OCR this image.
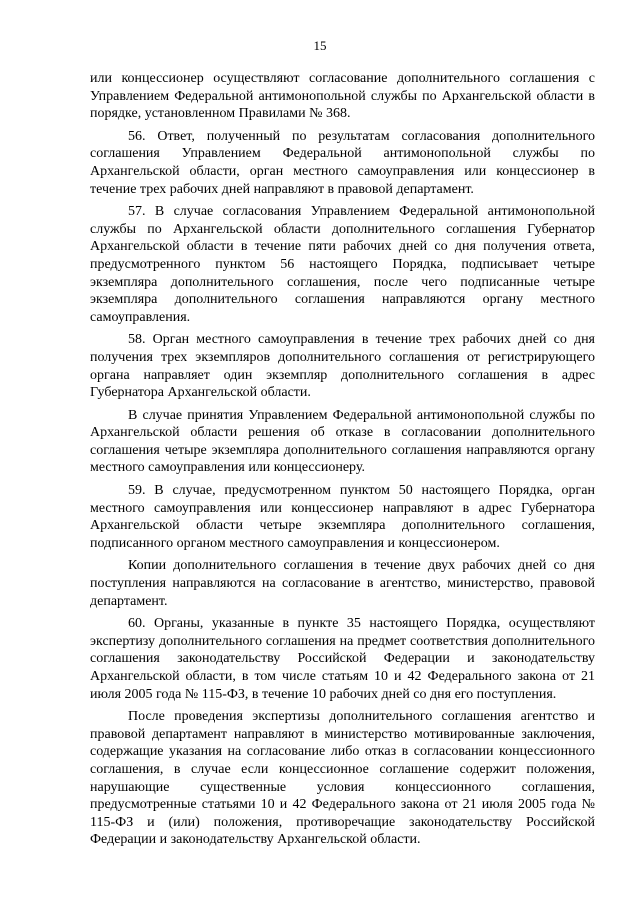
15

или концессионер осуществляют согласование дополнительного соглашения с Управлением Федеральной антимонопольной службы по Архангельской области в порядке, установленном Правилами № 368.

56. Ответ, полученный по результатам согласования дополнительного соглашения Управлением Федеральной антимонопольной службы по Архангельской области, орган местного самоуправления или концессионер в течение трех рабочих дней направляют в правовой департамент.

57. В случае согласования Управлением Федеральной антимонопольной службы по Архангельской области дополнительного соглашения Губернатор Архангельской области в течение пяти рабочих дней со дня получения ответа, предусмотренного пунктом 56 настоящего Порядка, подписывает четыре экземпляра дополнительного соглашения, после чего подписанные четыре экземпляра дополнительного соглашения направляются органу местного самоуправления.

58. Орган местного самоуправления в течение трех рабочих дней со дня получения трех экземпляров дополнительного соглашения от регистрирующего органа направляет один экземпляр дополнительного соглашения в адрес Губернатора Архангельской области.

В случае принятия Управлением Федеральной антимонопольной службы по Архангельской области решения об отказе в согласовании дополнительного соглашения четыре экземпляра дополнительного соглашения направляются органу местного самоуправления или концессионеру.

59. В случае, предусмотренном пунктом 50 настоящего Порядка, орган местного самоуправления или концессионер направляют в адрес Губернатора Архангельской области четыре экземпляра дополнительного соглашения, подписанного органом местного самоуправления и концессионером.

Копии дополнительного соглашения в течение двух рабочих дней со дня поступления направляются на согласование в агентство, министерство, правовой департамент.

60. Органы, указанные в пункте 35 настоящего Порядка, осуществляют экспертизу дополнительного соглашения на предмет соответствия дополнительного соглашения законодательству Российской Федерации и законодательству Архангельской области, в том числе статьям 10 и 42 Федерального закона от 21 июля 2005 года № 115-ФЗ, в течение 10 рабочих дней со дня его поступления.

После проведения экспертизы дополнительного соглашения агентство и правовой департамент направляют в министерство мотивированные заключения, содержащие указания на согласование либо отказ в согласовании концессионного соглашения, в случае если концессионное соглашение содержит положения, нарушающие существенные условия концессионного соглашения, предусмотренные статьями 10 и 42 Федерального закона от 21 июля 2005 года № 115-ФЗ и (или) положения, противоречащие законодательству Российской Федерации и законодательству Архангельской области.
